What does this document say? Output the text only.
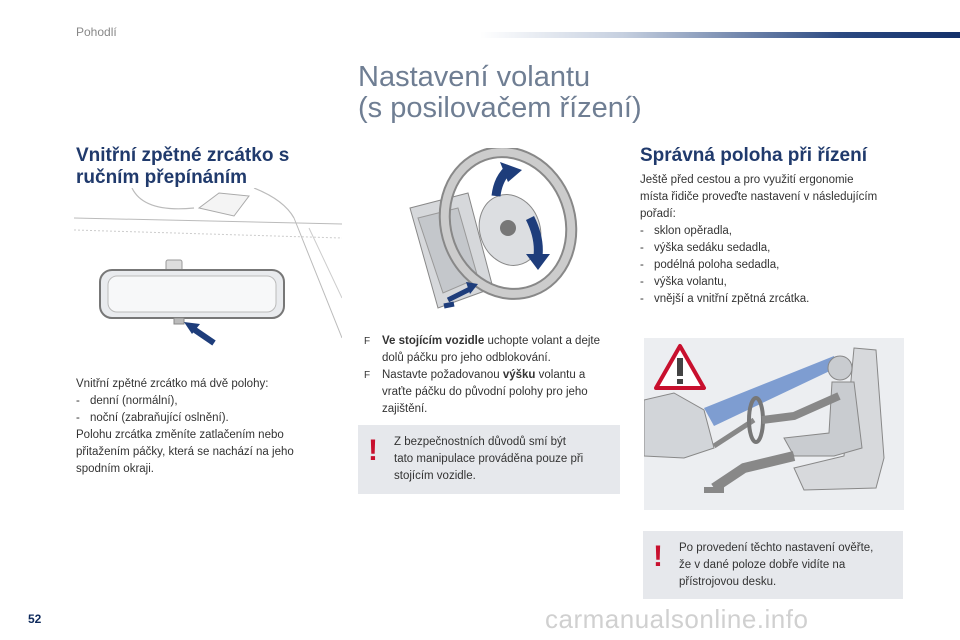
Pohodlí
Nastavení volantu
(s posilovačem řízení)
Vnitřní zpětné zrcátko s
ručním přepínáním
Vnitřní zpětné zrcátko má dvě polohy:
- denní (normální),
- noční (zabraňující oslnění).
Polohu zrcátka změníte zatlačením nebo
přitažením páčky, která se nachází na jeho
spodním okraji.
F Ve stojícím vozidle uchopte volant a dejte
dolů páčku pro jeho odblokování.
F Nastavte požadovanou výšku volantu a
vraťte páčku do původní polohy pro jeho
zajištění.
! Z bezpečnostních důvodů smí být
tato manipulace prováděna pouze při
stojícím vozidle.
Správná poloha při řízení
Ještě před cestou a pro využití ergonomie
místa řidiče proveďte nastavení v následujícím
pořadí:
- sklon opěradla,
- výška sedáku sedadla,
- podélná poloha sedadla,
- výška volantu,
- vnější a vnitřní zpětná zrcátka.
! Po provedení těchto nastavení ověřte,
že v dané poloze dobře vidíte na
přístrojovou desku.
52	carmanualsonline.info
